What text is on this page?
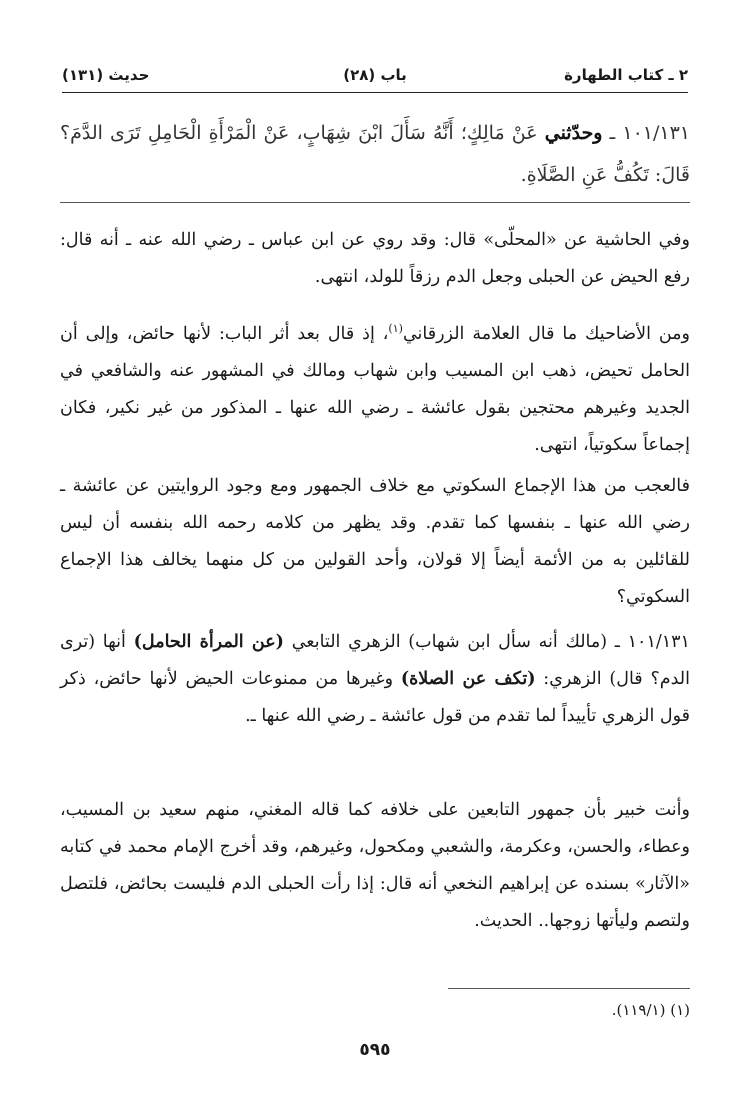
٢ ـ كتاب الطهارة
(٢٨) باب
(١٣١) حديث
١٠١/١٣١ ـ وحدّثني عَنْ مَالِكٍ؛ أَنَّهُ سَأَلَ ابْنَ شِهَابٍ، عَنْ الْمَرْأَةِ الْحَامِلِ تَرَى الدَّمَ؟ قَالَ: تَكُفُّ عَنِ الصَّلَاةِ.
وفي الحاشية عن «المحلّى» قال: وقد روي عن ابن عباس ـ رضي الله عنه ـ أنه قال: رفع الحيض عن الحبلى وجعل الدم رزقاً للولد، انتهى.
ومن الأضاحيك ما قال العلامة الزرقاني$^{(١)}$، إذ قال بعد أثر الباب: لأنها حائض، وإلى أن الحامل تحيض، ذهب ابن المسيب وابن شهاب ومالك في المشهور عنه والشافعي في الجديد وغيرهم محتجين بقول عائشة ـ رضي الله عنها ـ المذكور من غير نكير، فكان إجماعاً سكوتياً، انتهى.
فالعجب من هذا الإجماع السكوتي مع خلاف الجمهور ومع وجود الروايتين عن عائشة ـ رضي الله عنها ـ بنفسها كما تقدم. وقد يظهر من كلامه رحمه الله بنفسه أن ليس للقائلين به من الأئمة أيضاً إلا قولان، وأحد القولين من كل منهما يخالف هذا الإجماع السكوتي؟
١٠١/١٣١ ـ (مالك أنه سأل ابن شهاب) الزهري التابعي (عن المرأة الحامل) أنها (ترى الدم؟ قال) الزهري: (تكف عن الصلاة) وغيرها من ممنوعات الحيض لأنها حائض، ذكر قول الزهري تأييداً لما تقدم من قول عائشة ـ رضي الله عنها ـ.
وأنت خبير بأن جمهور التابعين على خلافه كما قاله المغني، منهم سعيد بن المسيب، وعطاء، والحسن، وعكرمة، والشعبي ومكحول، وغيرهم، وقد أخرج الإمام محمد في كتابه «الآثار» بسنده عن إبراهيم النخعي أنه قال: إذا رأت الحبلى الدم فليست بحائض، فلتصل ولتصم وليأتها زوجها.. الحديث.
(١) (١١٩/١).
٥٩٥
